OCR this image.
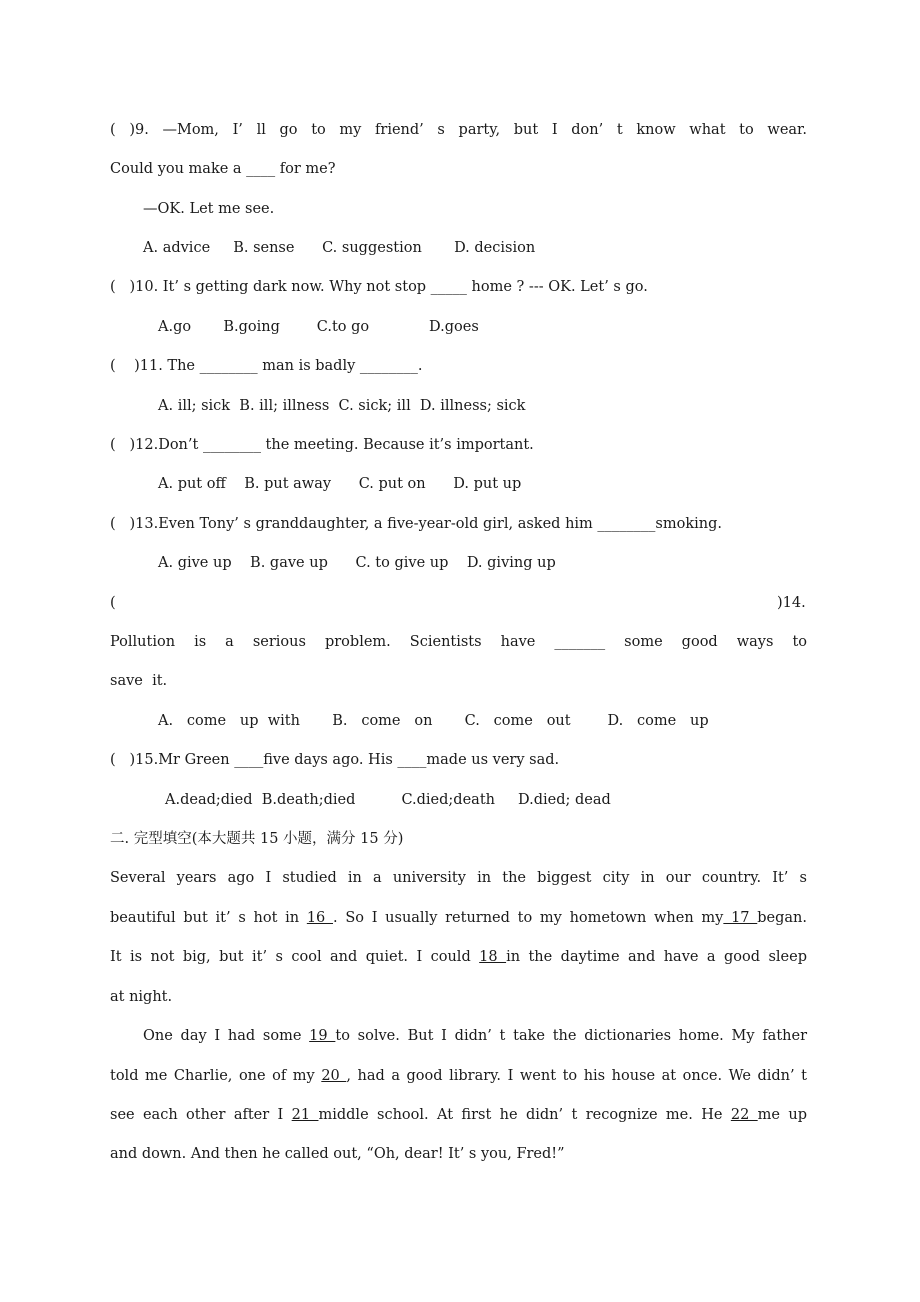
( )9. —Mom, I’ ll go to my friend’ s party, but I don’ t know what to wear.
Could you make a ____ for me?
—OK. Let me see.
A. advice     B. sense      C. suggestion       D. decision
(   )10. It’ s getting dark now. Why not stop _____ home ? --- OK. Let’ s go.
A.go       B.going        C.to go             D.goes
(    )11. The ________ man is badly ________.
A. ill; sick  B. ill; illness  C. sick; ill  D. illness; sick
(   )12.Don’t ________ the meeting. Because it’s important.
A. put off    B. put away      C. put on      D. put up
(   )13.Even Tony’ s granddaughter, a five-year-old girl, asked him ________smoking.
A. give up    B. gave up      C. to give up    D. giving up
(	)14.
Pollution is a serious problem. Scientists have _______ some good ways to
save  it.
A.   come   up  with       B.   come   on       C.   come   out        D.   come   up
(   )15.Mr Green ____five days ago. His ____made us very sad.
A.dead;died  B.death;died          C.died;death     D.died; dead
二. 完型填空(本大题共 15 小题，满分 15 分)
Several years ago I studied in a university in the biggest city in our country. It’ s
beautiful but it’ s hot in 16 . So I usually returned to my hometown when my 17 began.
It is not big, but it’ s cool and quiet. I could 18 in the daytime and have a good sleep
at night.
One day I had some 19 to solve. But I didn’ t take the dictionaries home. My father
told me Charlie, one of my 20 , had a good library. I went to his house at once. We didn’ t
see each other after I 21 middle school. At first he didn’ t recognize me. He 22 me up
and down. And then he called out, “Oh, dear! It’ s you, Fred!”
